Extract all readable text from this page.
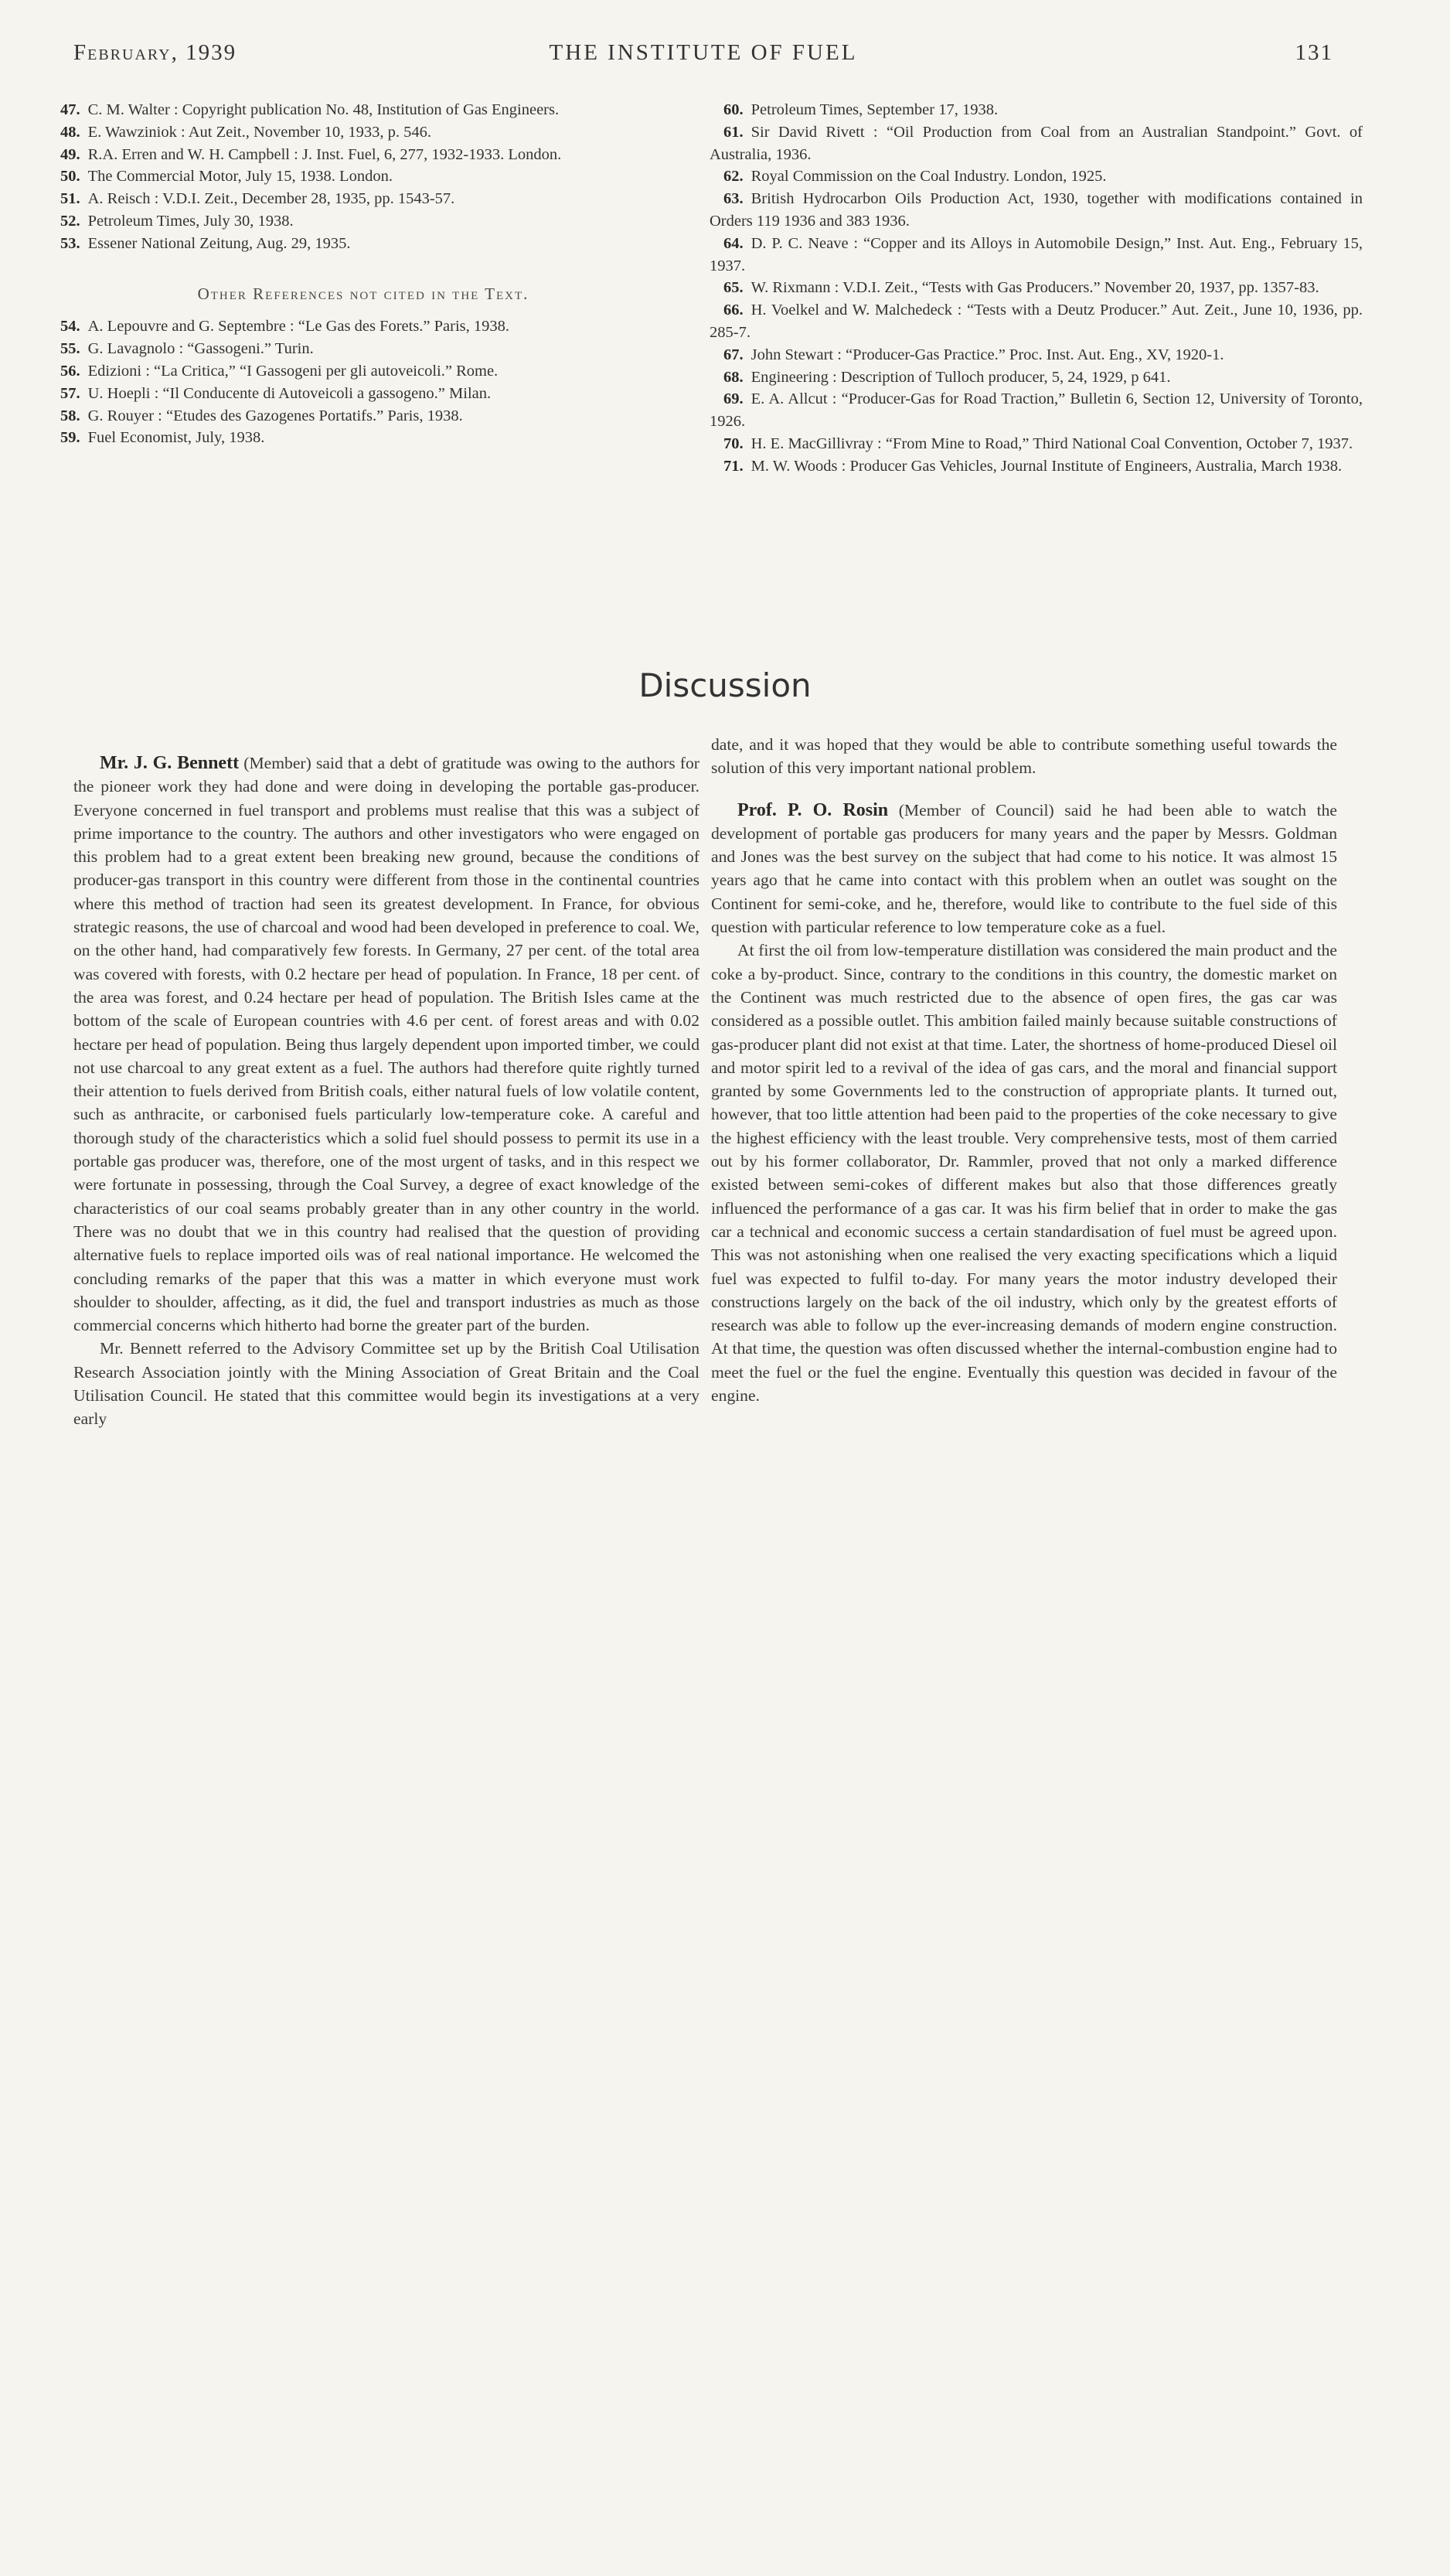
February, 1939	THE INSTITUTE OF FUEL	131

47. C. M. Walter : Copyright publication No. 48, Institution of Gas Engineers.

48. E. Wawziniok : Aut Zeit., November 10, 1933, p. 546.

49. R.A. Erren and W. H. Campbell : J. Inst. Fuel, 6, 277, 1932-1933. London.

50. The Commercial Motor, July 15, 1938. London.

51. A. Reisch : V.D.I. Zeit., December 28, 1935, pp. 1543-57.

52. Petroleum Times, July 30, 1938.

53. Essener National Zeitung, Aug. 29, 1935.

Other References not cited in the Text.

54. A. Lepouvre and G. Septembre : “Le Gas des Forets.” Paris, 1938.

55. G. Lavagnolo : “Gassogeni.” Turin.

56. Edizioni : “La Critica,” “I Gassogeni per gli autoveicoli.” Rome.

57. U. Hoepli : “Il Conducente di Autoveicoli a gassogeno.” Milan.

58. G. Rouyer : “Etudes des Gazogenes Portatifs.” Paris, 1938.

59. Fuel Economist, July, 1938.

60. Petroleum Times, September 17, 1938.

61. Sir David Rivett : “Oil Production from Coal from an Australian Standpoint.” Govt. of Australia, 1936.

62. Royal Commission on the Coal Industry. London, 1925.

63. British Hydrocarbon Oils Production Act, 1930, together with modifications contained in Orders 119 1936 and 383 1936.

64. D. P. C. Neave : “Copper and its Alloys in Automobile Design,” Inst. Aut. Eng., February 15, 1937.

65. W. Rixmann : V.D.I. Zeit., “Tests with Gas Producers.” November 20, 1937, pp. 1357-83.

66. H. Voelkel and W. Malchedeck : “Tests with a Deutz Producer.” Aut. Zeit., June 10, 1936, pp. 285-7.

67. John Stewart : “Producer-Gas Practice.” Proc. Inst. Aut. Eng., XV, 1920-1.

68. Engineering : Description of Tulloch producer, 5, 24, 1929, p 641.

69. E. A. Allcut : “Producer-Gas for Road Traction,” Bulletin 6, Section 12, University of Toronto, 1926.

70. H. E. MacGillivray : “From Mine to Road,” Third National Coal Convention, October 7, 1937.

71. M. W. Woods : Producer Gas Vehicles, Journal Institute of Engineers, Australia, March 1938.

Discussion

Mr. J. G. Bennett (Member) said that a debt of gratitude was owing to the authors for the pioneer work they had done and were doing in developing the portable gas-producer. Everyone concerned in fuel transport and problems must realise that this was a subject of prime importance to the country. The authors and other investigators who were engaged on this problem had to a great extent been breaking new ground, because the conditions of producer-gas transport in this country were different from those in the continental countries where this method of traction had seen its greatest development. In France, for obvious strategic reasons, the use of charcoal and wood had been developed in preference to coal. We, on the other hand, had comparatively few forests. In Germany, 27 per cent. of the total area was covered with forests, with 0.2 hectare per head of population. In France, 18 per cent. of the area was forest, and 0.24 hectare per head of population. The British Isles came at the bottom of the scale of European countries with 4.6 per cent. of forest areas and with 0.02 hectare per head of population. Being thus largely dependent upon imported timber, we could not use charcoal to any great extent as a fuel. The authors had therefore quite rightly turned their attention to fuels derived from British coals, either natural fuels of low volatile content, such as anthracite, or carbonised fuels particularly low-temperature coke. A careful and thorough study of the characteristics which a solid fuel should possess to permit its use in a portable gas producer was, therefore, one of the most urgent of tasks, and in this respect we were fortunate in possessing, through the Coal Survey, a degree of exact knowledge of the characteristics of our coal seams probably greater than in any other country in the world. There was no doubt that we in this country had realised that the question of providing alternative fuels to replace imported oils was of real national importance. He welcomed the concluding remarks of the paper that this was a matter in which everyone must work shoulder to shoulder, affecting, as it did, the fuel and transport industries as much as those commercial concerns which hitherto had borne the greater part of the burden.

Mr. Bennett referred to the Advisory Committee set up by the British Coal Utilisation Research Association jointly with the Mining Association of Great Britain and the Coal Utilisation Council. He stated that this committee would begin its investigations at a very early

date, and it was hoped that they would be able to contribute something useful towards the solution of this very important national problem.

Prof. P. O. Rosin (Member of Council) said he had been able to watch the development of portable gas producers for many years and the paper by Messrs. Goldman and Jones was the best survey on the subject that had come to his notice. It was almost 15 years ago that he came into contact with this problem when an outlet was sought on the Continent for semi-coke, and he, therefore, would like to contribute to the fuel side of this question with particular reference to low temperature coke as a fuel.

At first the oil from low-temperature distillation was considered the main product and the coke a by-product. Since, contrary to the conditions in this country, the domestic market on the Continent was much restricted due to the absence of open fires, the gas car was considered as a possible outlet. This ambition failed mainly because suitable constructions of gas-producer plant did not exist at that time. Later, the shortness of home-produced Diesel oil and motor spirit led to a revival of the idea of gas cars, and the moral and financial support granted by some Governments led to the construction of appropriate plants. It turned out, however, that too little attention had been paid to the properties of the coke necessary to give the highest efficiency with the least trouble. Very comprehensive tests, most of them carried out by his former collaborator, Dr. Rammler, proved that not only a marked difference existed between semi-cokes of different makes but also that those differences greatly influenced the performance of a gas car. It was his firm belief that in order to make the gas car a technical and economic success a certain standardisation of fuel must be agreed upon. This was not astonishing when one realised the very exacting specifications which a liquid fuel was expected to fulfil to-day. For many years the motor industry developed their constructions largely on the back of the oil industry, which only by the greatest efforts of research was able to follow up the ever-increasing demands of modern engine construction. At that time, the question was often discussed whether the internal-combustion engine had to meet the fuel or the fuel the engine. Eventually this question was decided in favour of the engine.
